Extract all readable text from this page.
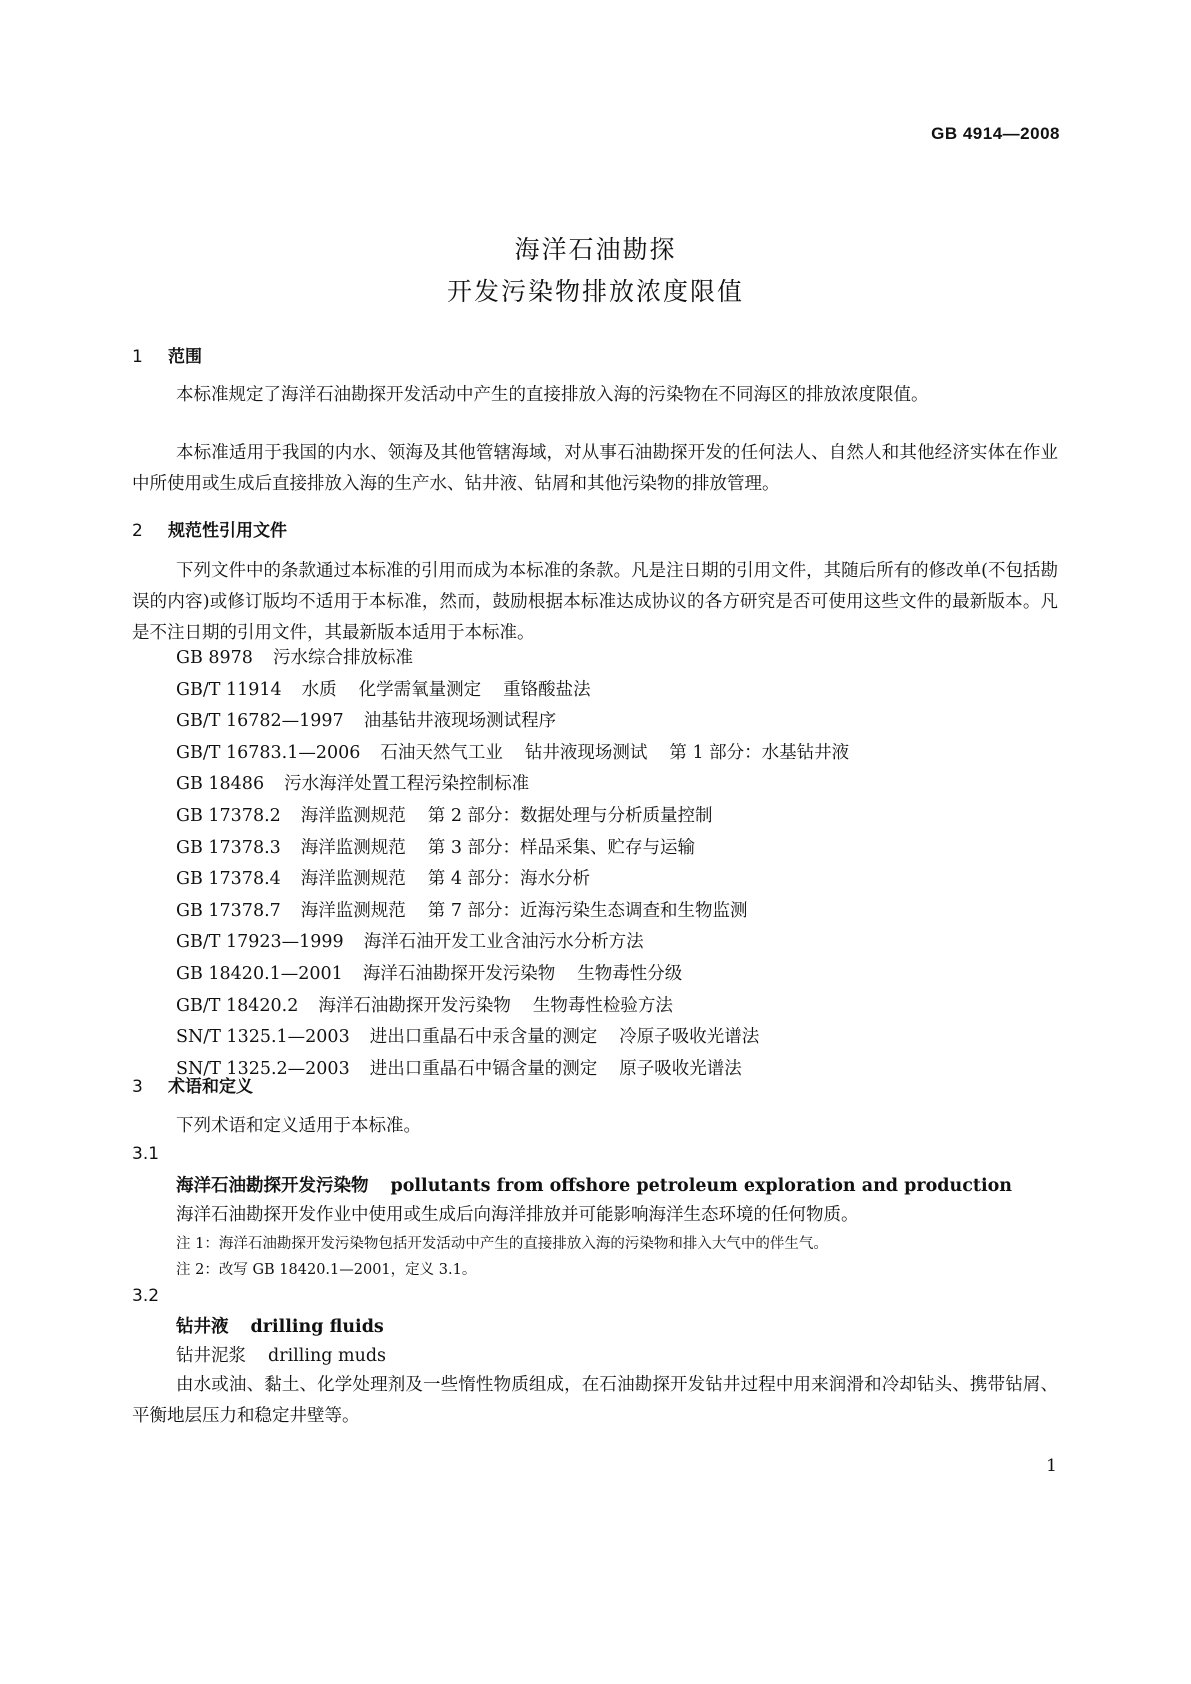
GB 4914—2008
海洋石油勘探
开发污染物排放浓度限值
1 范围

本标准规定了海洋石油勘探开发活动中产生的直接排放入海的污染物在不同海区的排放浓度限值。

本标准适用于我国的内水、领海及其他管辖海域，对从事石油勘探开发的任何法人、自然人和其他经济实体在作业中所使用或生成后直接排放入海的生产水、钻井液、钻屑和其他污染物的排放管理。

2 规范性引用文件

下列文件中的条款通过本标准的引用而成为本标准的条款。凡是注日期的引用文件，其随后所有的修改单(不包括勘误的内容)或修订版均不适用于本标准，然而，鼓励根据本标准达成协议的各方研究是否可使用这些文件的最新版本。凡是不注日期的引用文件，其最新版本适用于本标准。

GB 8978 污水综合排放标准
GB/T 11914 水质 化学需氧量测定 重铬酸盐法
GB/T 16782—1997 油基钻井液现场测试程序
GB/T 16783.1—2006 石油天然气工业 钻井液现场测试 第 1 部分：水基钻井液
GB 18486 污水海洋处置工程污染控制标准
GB 17378.2 海洋监测规范 第 2 部分：数据处理与分析质量控制
GB 17378.3 海洋监测规范 第 3 部分：样品采集、贮存与运输
GB 17378.4 海洋监测规范 第 4 部分：海水分析
GB 17378.7 海洋监测规范 第 7 部分：近海污染生态调查和生物监测
GB/T 17923—1999 海洋石油开发工业含油污水分析方法
GB 18420.1—2001 海洋石油勘探开发污染物 生物毒性分级
GB/T 18420.2 海洋石油勘探开发污染物 生物毒性检验方法
SN/T 1325.1—2003 进出口重晶石中汞含量的测定 冷原子吸收光谱法
SN/T 1325.2—2003 进出口重晶石中镉含量的测定 原子吸收光谱法
3 术语和定义
下列术语和定义适用于本标准。
3.1
海洋石油勘探开发污染物 pollutants from offshore petroleum exploration and production
海洋石油勘探开发作业中使用或生成后向海洋排放并可能影响海洋生态环境的任何物质。
注 1：海洋石油勘探开发污染物包括开发活动中产生的直接排放入海的污染物和排入大气中的伴生气。
注 2：改写 GB 18420.1—2001，定义 3.1。
3.2
钻井液 drilling fluids
钻井泥浆 drilling muds

由水或油、黏土、化学处理剂及一些惰性物质组成，在石油勘探开发钻井过程中用来润滑和冷却钻头、携带钻屑、平衡地层压力和稳定井壁等。

1
